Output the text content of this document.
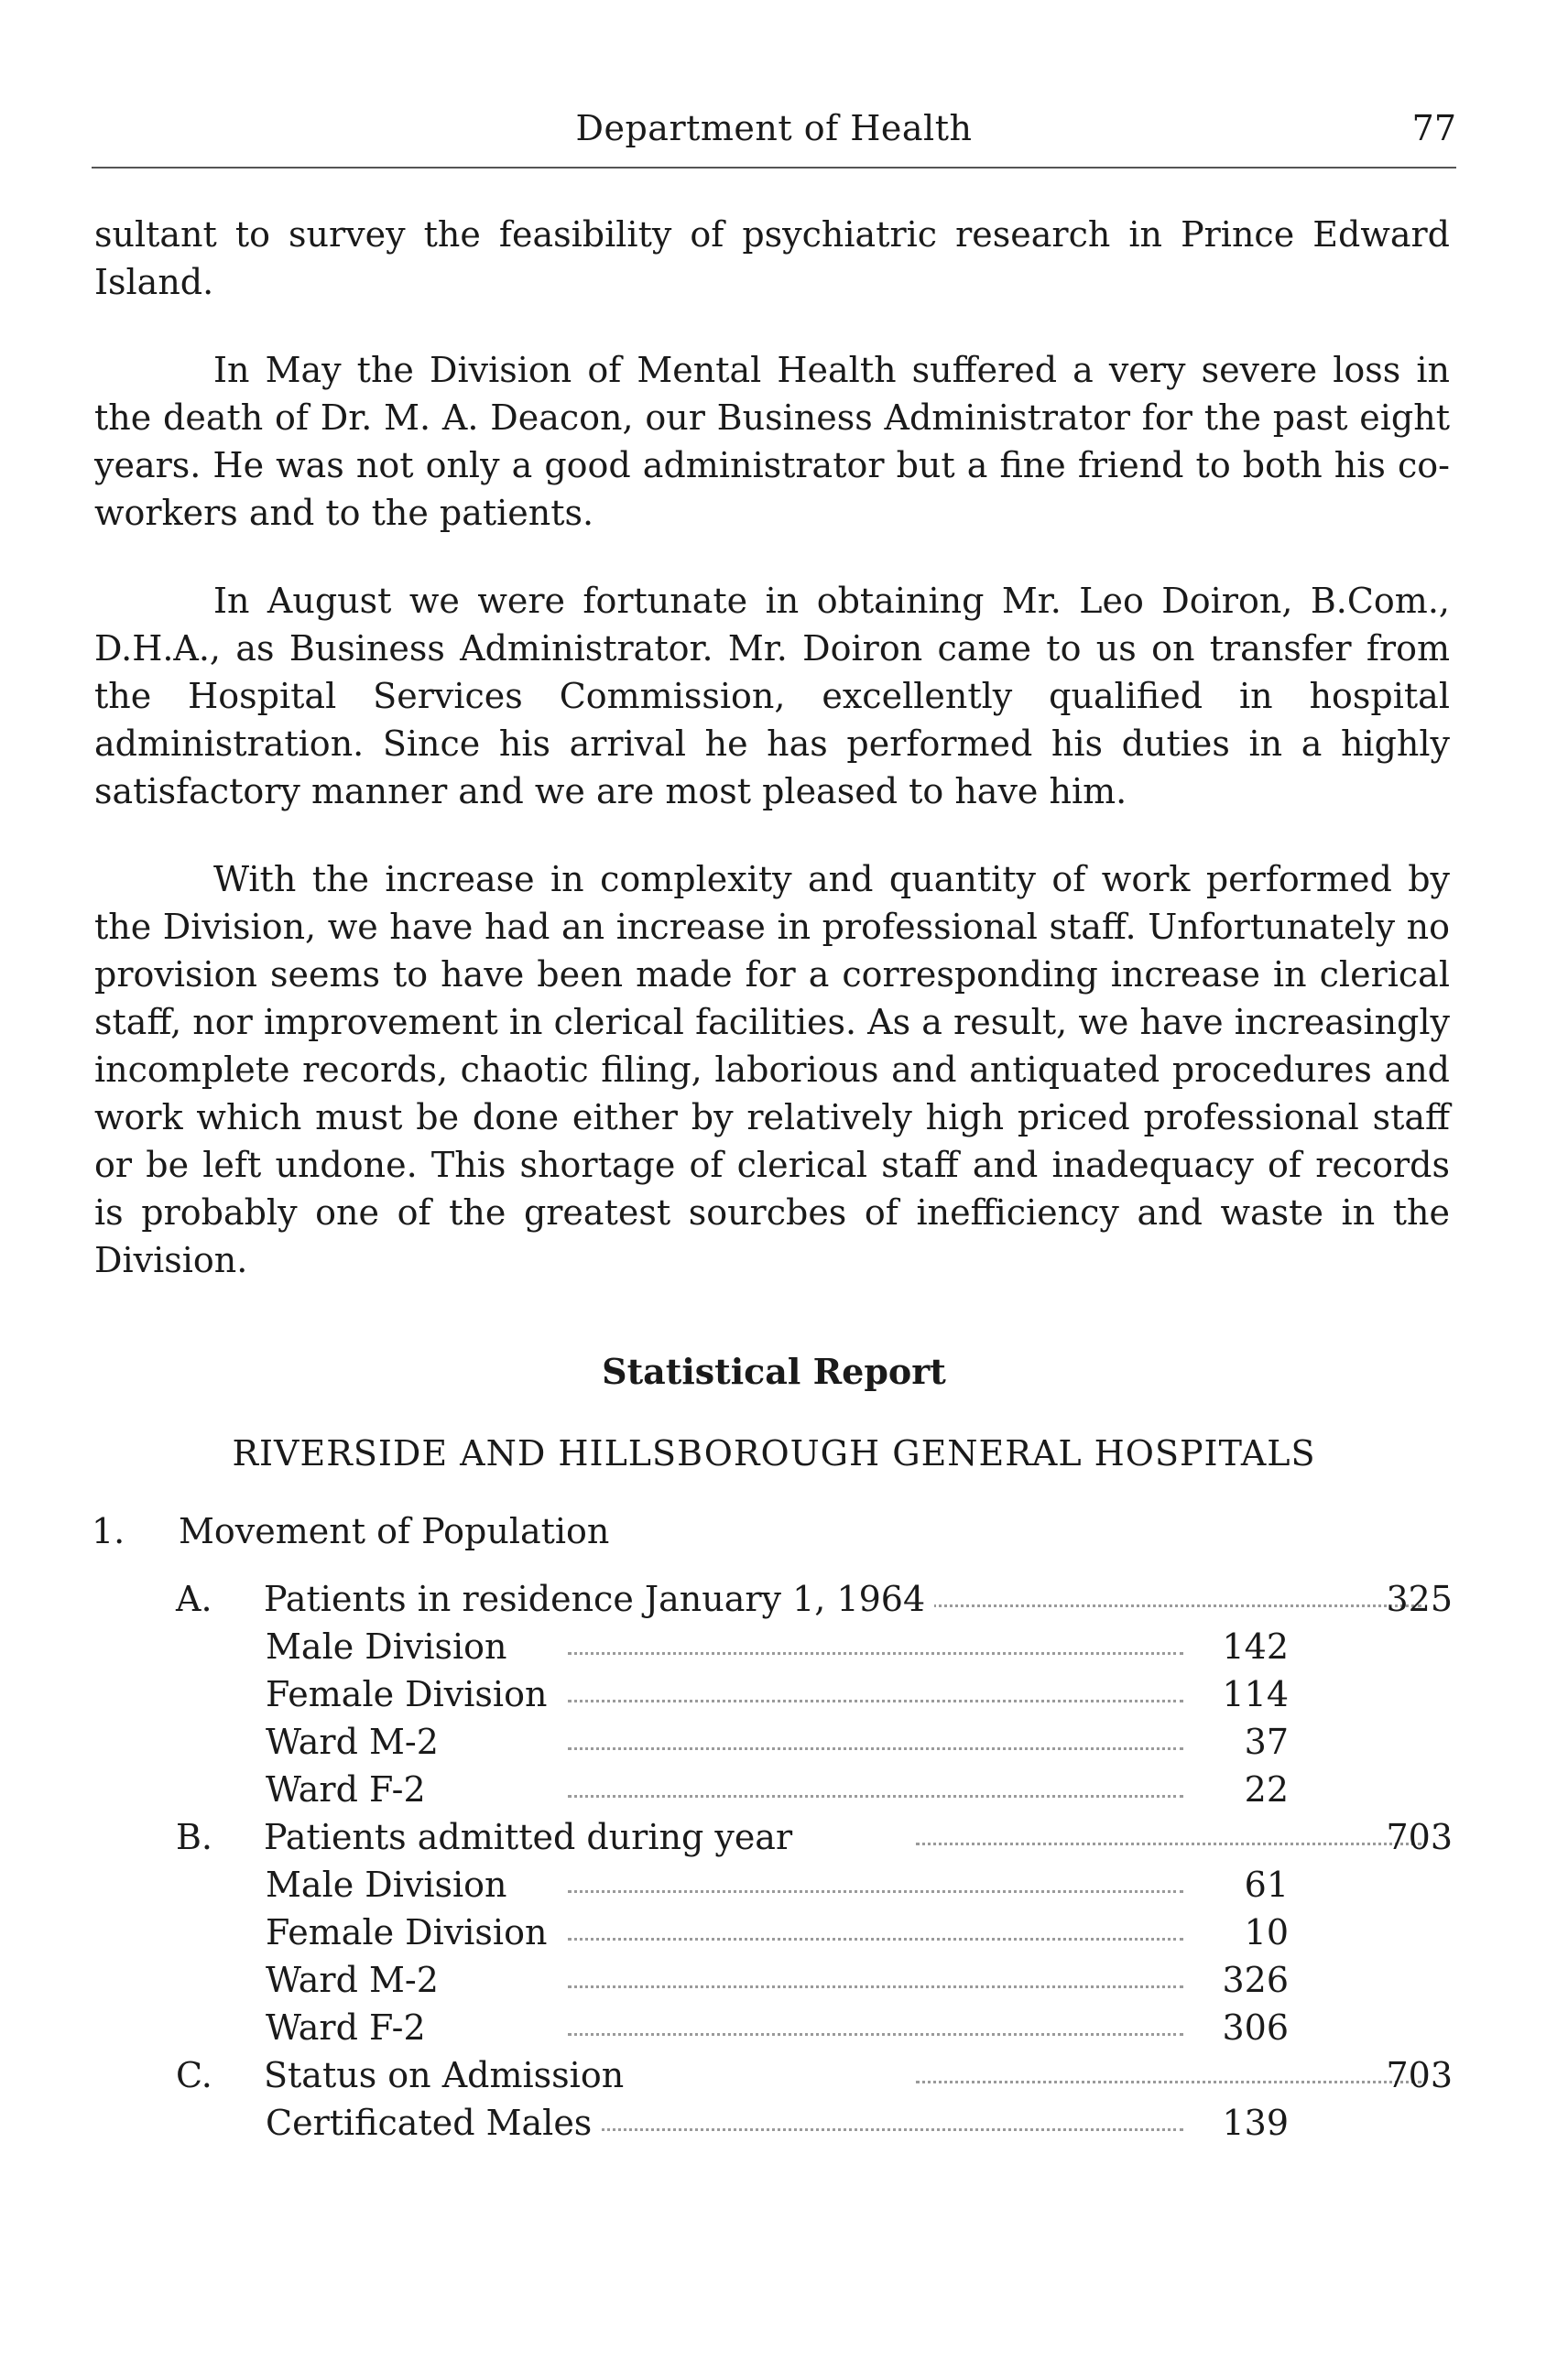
Department of Health	77

sultant to survey the feasibility of psychiatric research in Prince Edward Island.

In May the Division of Mental Health suffered a very severe loss in the death of Dr. M. A. Deacon, our Business Administrator for the past eight years. He was not only a good administrator but a fine friend to both his co-workers and to the patients.

In August we were fortunate in obtaining Mr. Leo Doiron, B.Com., D.H.A., as Business Administrator. Mr. Doiron came to us on transfer from the Hospital Services Commission, excellently qualified in hospital administration. Since his arrival he has performed his duties in a highly satisfactory manner and we are most pleased to have him.

With the increase in complexity and quantity of work performed by the Division, we have had an increase in professional staff. Unfortunately no provision seems to have been made for a corresponding increase in clerical staff, nor improvement in clerical facilities. As a result, we have increasingly incomplete records, chaotic filing, laborious and antiquated procedures and work which must be done either by relatively high priced professional staff or be left undone. This shortage of clerical staff and inadequacy of records is probably one of the greatest sourcbes of inefficiency and waste in the Division.

Statistical Report
RIVERSIDE AND HILLSBOROUGH GENERAL HOSPITALS
1. Movement of Population
A. Patients in residence January 1, 1964	325
Male Division	142
Female Division	114
Ward M-2	37
Ward F-2	22
B. Patients admitted during year	703
Male Division	61
Female Division	10
Ward M-2	326
Ward F-2	306
C. Status on Admission	703
Certificated Males	139
